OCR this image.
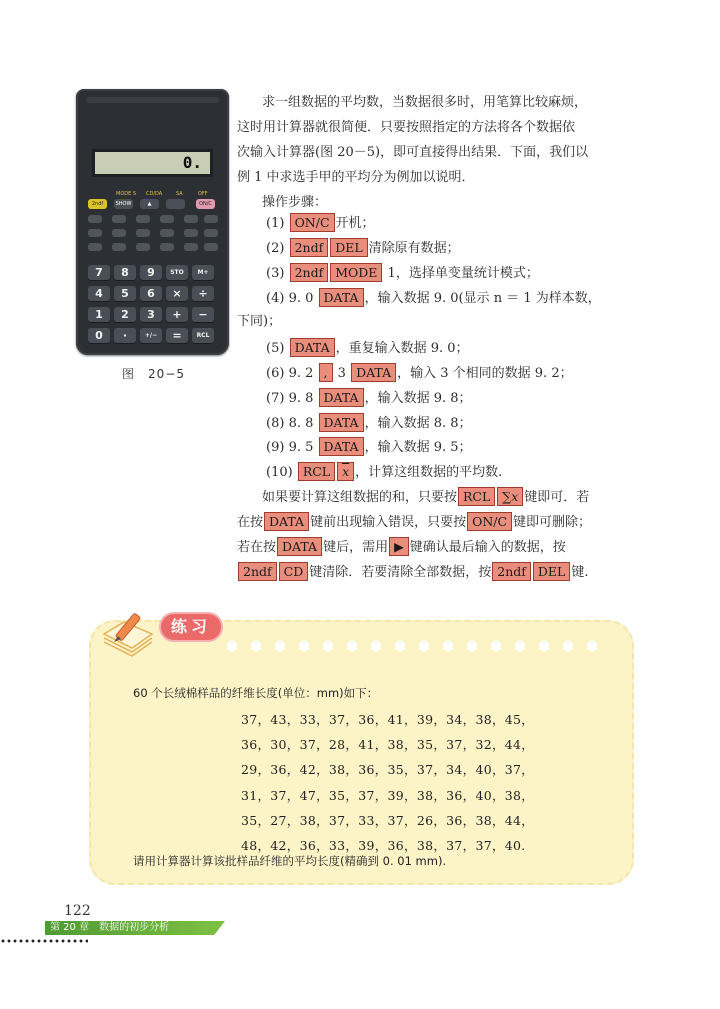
0.
MODE S CD/DA	SA	OFF
2ndf	SHOW	▲	ON/C
7	8	9	STO	M+
4	5	6	×	÷
1	2	3	+	−
0	·	+/−	=	RCL
图　20−5
求一组数据的平均数，当数据很多时，用笔算比较麻烦，
这时用计算器就很简便．只要按照指定的方法将各个数据依
次输入计算器(图 20－5)，即可直接得出结果．下面，我们以
例 1 中求选手甲的平均分为例加以说明．
操作步骤：
(1) ON/C 开机；
(2) 2ndf DEL 清除原有数据；
(3) 2ndf MODE 1，选择单变量统计模式；
(4) 9. 0 DATA ，输入数据 9. 0(显示 n ＝ 1 为样本数，
下同)；
(5) DATA ，重复输入数据 9. 0；
(6) 9. 2 , 3 DATA ，输入 3 个相同的数据 9. 2；
(7) 9. 8 DATA ，输入数据 9. 8；
(8) 8. 8 DATA ，输入数据 8. 8；
(9) 9. 5 DATA ，输入数据 9. 5；
(10) RCL $\overline{x}$ ，计算这组数据的平均数.
如果要计算这组数据的和，只要按 RCL ∑x 键即可．若
在按 DATA 键前出现输入错误，只要按 ON/C 键即可删除；
若在按 DATA 键后，需用 ▶ 键确认最后输入的数据，按
2ndf CD 键清除．若要清除全部数据，按 2ndf DEL 键.
练习
60 个长绒棉样品的纤维长度(单位：mm)如下：
37，43，33，37，36，41，39，34，38，45，
36，30，37，28，41，38，35，37，32，44，
29，36，42，38，36，35，37，34，40，37，
31，37，47，35，37，39，38，36，40，38，
35，27，38，37，33，37，26，36，38，44，
48，42，36，33，39，36，38，37，37，40.
请用计算器计算该批样品纤维的平均长度(精确到 0. 01 mm).
122
第 20 章　数据的初步分析
